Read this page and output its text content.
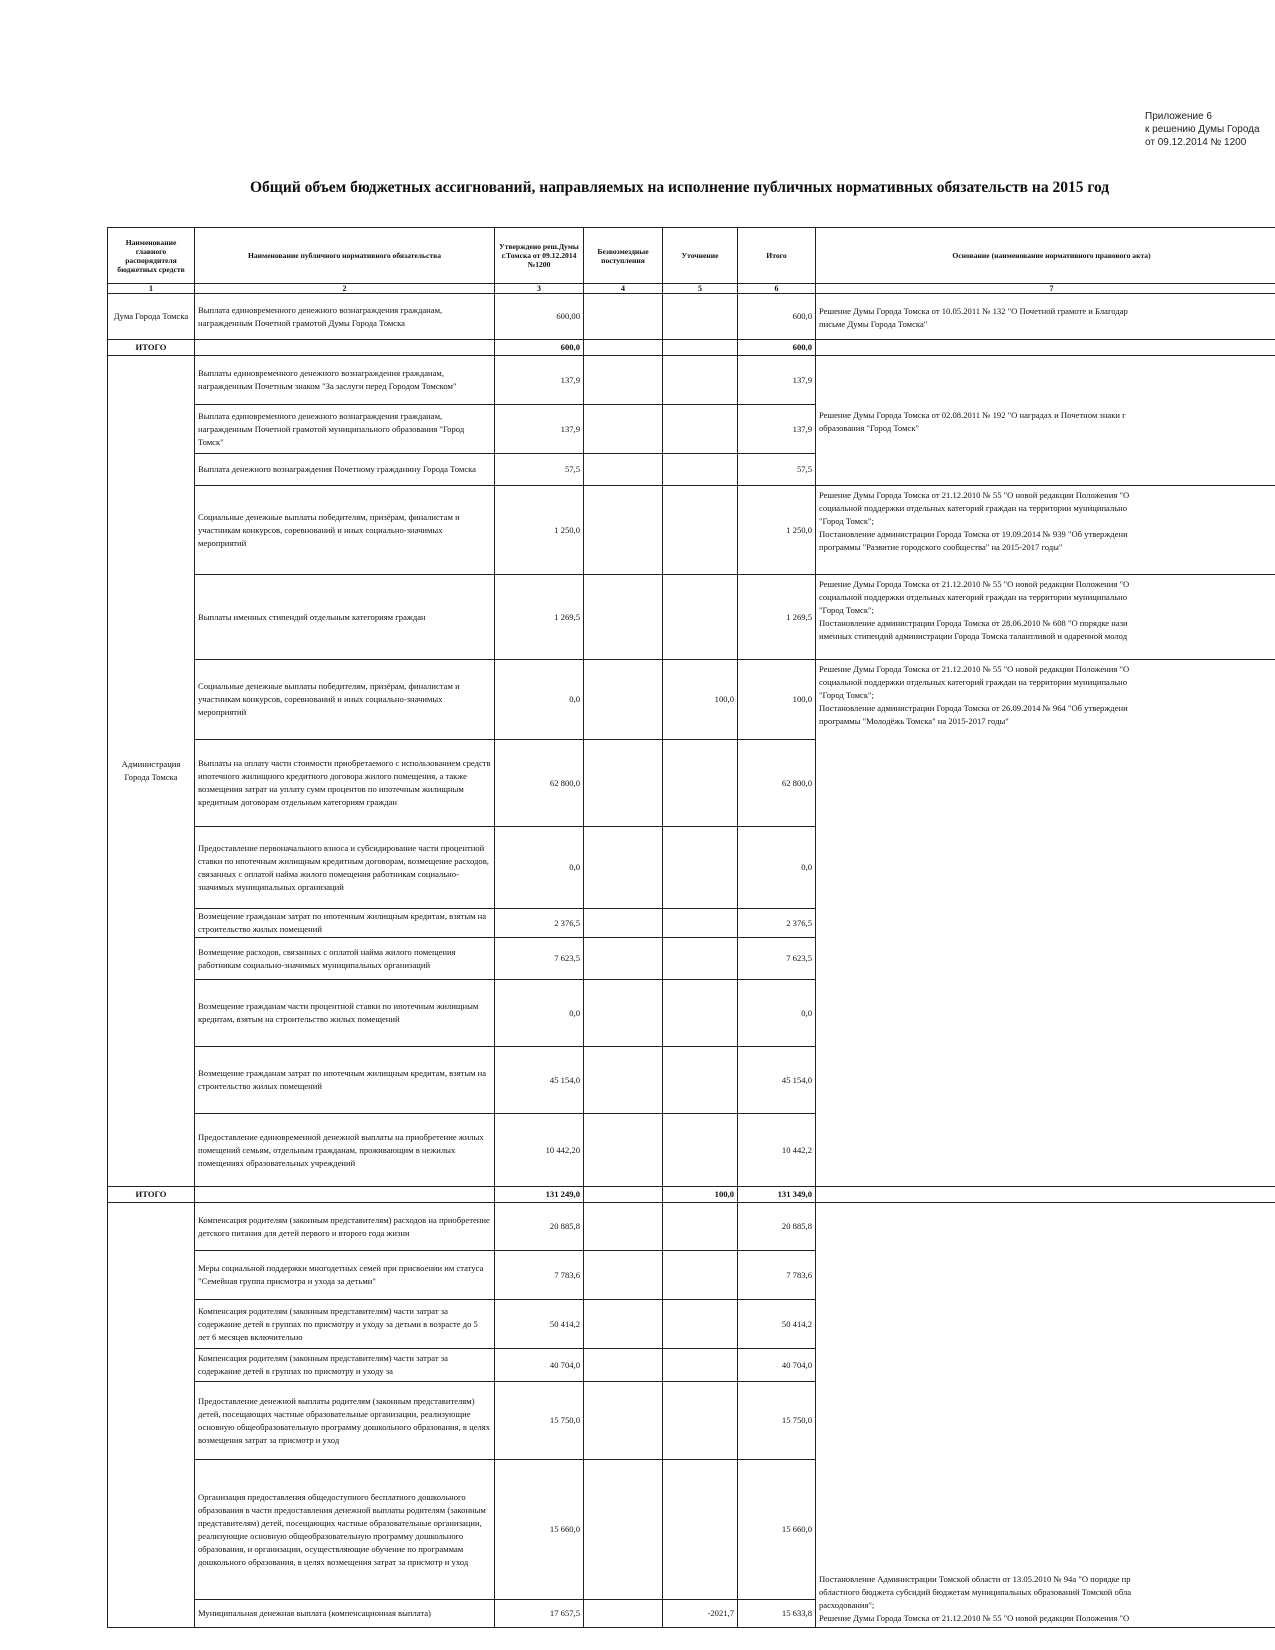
Приложение 6
к решению Думы Города
от 09.12.2014 № 1200
Общий объем бюджетных ассигнований, направляемых на исполнение публичных нормативных обязательств на 2015 год
Наименование главного распорядителя бюджетных средств	Наименование публичного нормативного обязательства	Утверждено реш.Думы г.Томска от 09.12.2014 №1200	Безвозмездные поступления	Уточнение	Итого	Основание (наименование нормативного правового акта)
1	2	3	4	5	6	7
Дума Города Томска	Выплата единовременного денежного вознаграждения гражданам, награжденным Почетной грамотой Думы Города Томска	600,00			600,0	Решение Думы Города Томска от 10.05.2011 № 132 "О Почетной грамоте и Благодар
письме Думы Города Томска"

ИТОГО		600,0			600,0	
Администрация Города Томска	Выплаты единовременного денежного вознаграждения гражданам, награжденным Почетным знаком "За заслуги перед Городом Томском"	137,9			137,9	Решение Думы Города Томска от 02.08.2011 № 192 "О наградах и Почетном знаки г
образования "Город Томск"

	Выплата единовременного денежного вознаграждения гражданам, награжденным Почетной грамотой муниципального образования "Город Томск"	137,9			137,9	
	Выплата денежного вознаграждения Почетному гражданину Города Томска	57,5			57,5	
	Социальные денежные выплаты победителям, призёрам, финалистам и участникам конкурсов, соревнований и иных социально-значимых мероприятий	1 250,0			1 250,0	Решение Думы Города Томска от 21.12.2010 № 55 "О новой редакции Положения "О
социальной поддержки отдельных категорий граждан на территории муниципально
"Город Томск";
Постановление администрации Города Томска от 19.09.2014 № 939 "Об утверждени
программы "Развитие городского сообщества" на 2015-2017 годы"

	Выплаты именных стипендий отдельным категориям граждан	1 269,5			1 269,5	Решение Думы Города Томска от 21.12.2010 № 55 "О новой редакции Положения "О
социальной поддержки отдельных категорий граждан на территории муниципально
"Город Томск";
Постановление администрации Города Томска от 28.06.2010 № 608 "О порядке нази
именных стипендий администрации Города Томска талантливой и одаренной молод

	Социальные денежные выплаты победителям, призёрам, финалистам и участникам конкурсов, соревнований и иных социально-значимых мероприятий	0,0		100,0	100,0	Решение Думы Города Томска от 21.12.2010 № 55 "О новой редакции Положения "О
социальной поддержки отдельных категорий граждан на территории муниципально
"Город Томск";
Постановление администрации Города Томска от 26.09.2014 № 964 "Об утверждени
программы "Молодёжь Томска" на 2015-2017 годы"

	Выплаты на оплату части стоимости приобретаемого с использованием средств ипотечного жилищного кредитного договора жилого помещения, а также возмещения затрат на уплату сумм процентов по ипотечным жилищным кредитным договорам отдельным категориям граждан	62 800,0			62 800,0	
	Предоставление первоначального взноса и субсидирование части процентной ставки по ипотечным жилищным кредитным договорам, возмещение расходов, связанных с оплатой найма жилого помещения работникам социально-значимых муниципальных организаций	0,0			0,0	
	Возмещение гражданам затрат по ипотечным жилищным кредитам, взятым на строительство жилых помещений	2 376,5			2 376,5	
	Возмещение расходов, связанных с оплатой найма жилого помещения работникам социально-значимых муниципальных организаций	7 623,5			7 623,5	
	Возмещение гражданам части процентной ставки по ипотечным жилищным кредитам, взятым на строительство жилых помещений	0,0			0,0	
	Возмещение гражданам затрат по ипотечным жилищным кредитам, взятым на строительство жилых помещений	45 154,0			45 154,0	
	Предоставление единовременной денежной выплаты на приобретение жилых помещений семьям, отдельным гражданам, проживающим в нежилых помещениях образовательных учреждений	10 442,20			10 442,2	
ИТОГО		131 249,0		100,0	131 349,0	
	Компенсация родителям (законным представителям) расходов на приобретение детского питания для детей первого и второго года жизни	20 885,8			20 885,8	Постановление Администрации Томской области от 13.05.2010 № 94а "О порядке пр
областного бюджета субсидий бюджетам муниципальных образований Томской обла
расходования";
Решение Думы Города Томска от 21.12.2010 № 55 "О новой редакции Положения "О

	Меры социальной поддержки многодетных семей при присвоении им статуса "Семейная группа присмотра и ухода за детьми"	7 783,6			7 783,6	
	Компенсация родителям (законным представителям) части затрат за содержание детей в группах по присмотру и уходу за детьми в возрасте до 5 лет 6 месяцев включительно	50 414,2			50 414,2	
	Компенсация родителям (законным представителям) части затрат за содержание детей в группах по присмотру и уходу за	40 704,0			40 704,0	
	Предоставление денежной выплаты родителям (законным представителям) детей, посещающих частные образовательные организации, реализующие основную общеобразовательную программу дошкольного образования, в целях возмещения затрат за присмотр и уход	15 750,0			15 750,0	
	Организация предоставления общедоступного бесплатного дошкольного образования в части предоставления денежной выплаты родителям (законным представителям) детей, посещающих частные образовательные организации, реализующие основную общеобразовательную программу дошкольного образования, и организации, осуществляющие обучение по программам дошкольного образования, в целях возмещения затрат за присмотр и уход	15 660,0			15 660,0	
	Муниципальная денежная выплата (компенсационная выплата)	17 657,5		-2021,7	15 633,8	
